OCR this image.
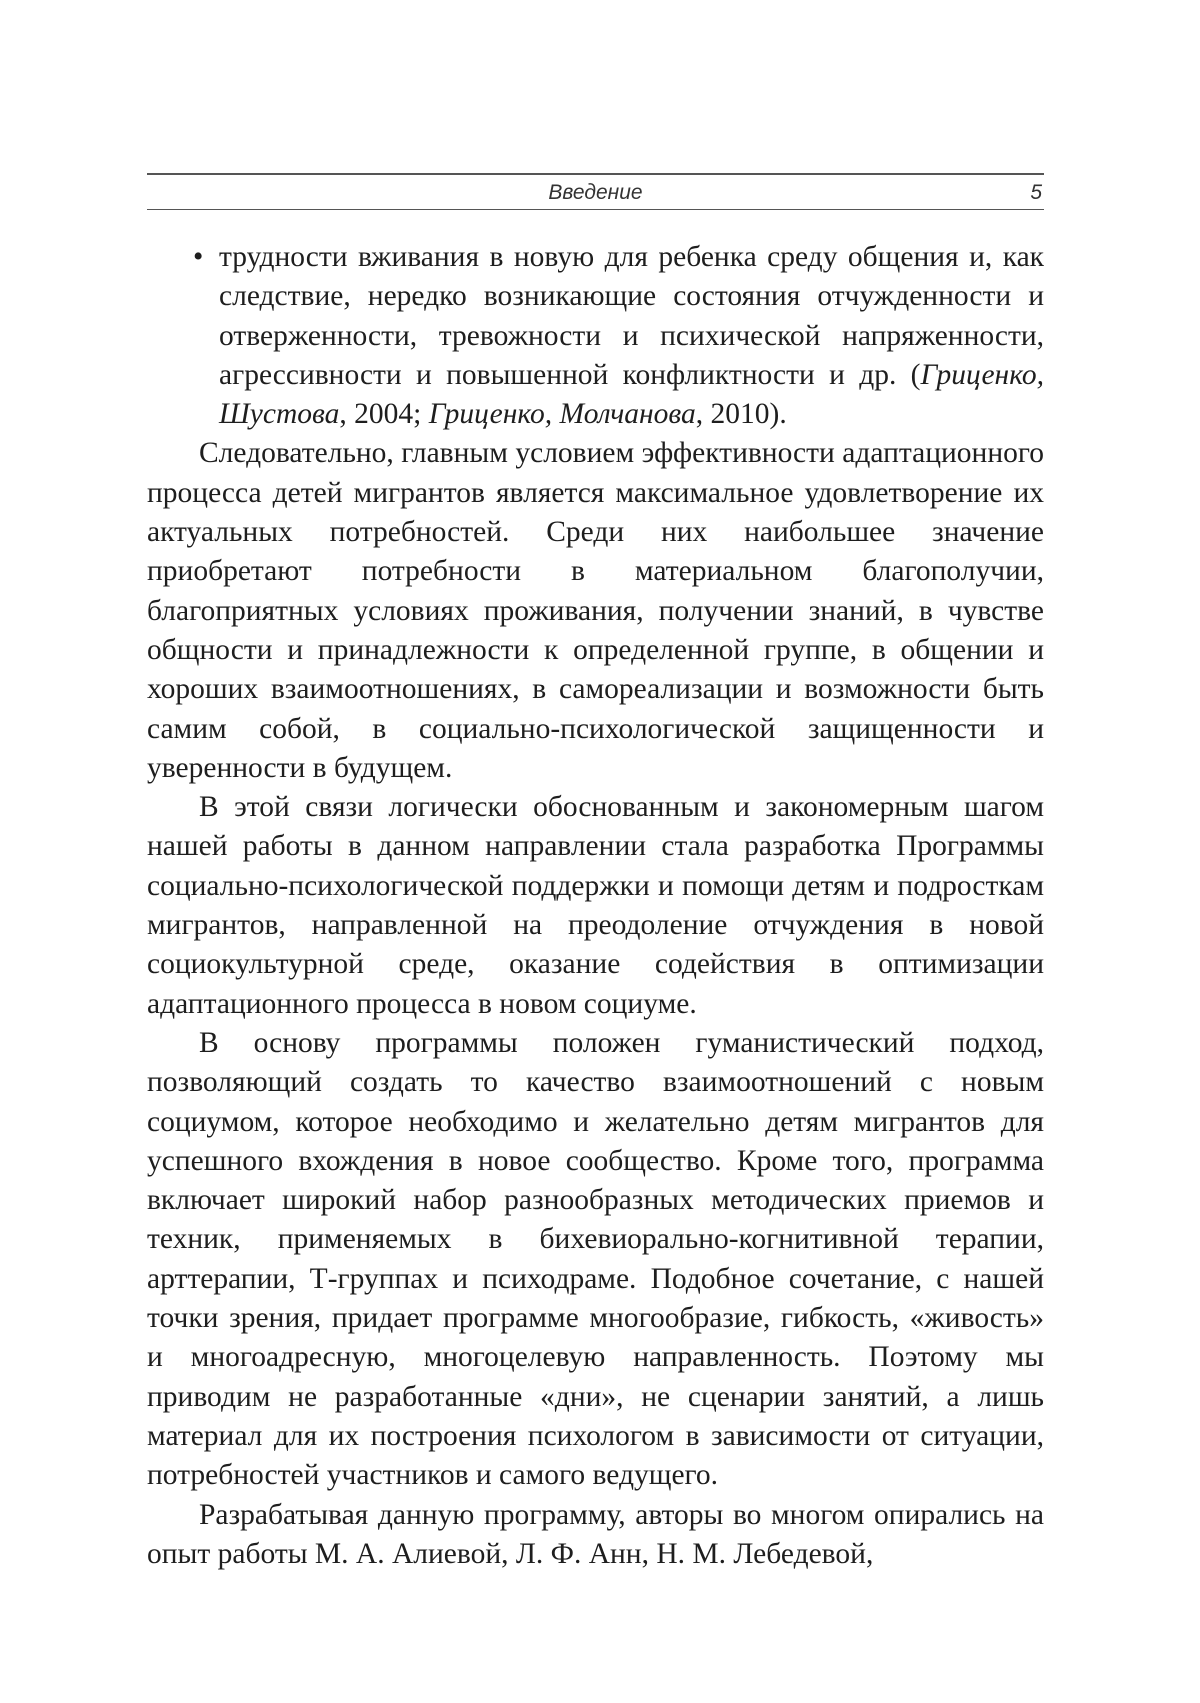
Введение	5
• трудности вживания в новую для ребенка среду общения и, как следствие, нередко возникающие состояния отчужденности и отверженности, тревожности и психической напряженности, агрессивности и повышенной конфликтности и др. (Гриценко, Шустова, 2004; Гриценко, Молчанова, 2010).

Следовательно, главным условием эффективности адаптационного процесса детей мигрантов является максимальное удовлетворение их актуальных потребностей. Среди них наибольшее значение приобретают потребности в материальном благополучии, благоприятных условиях проживания, получении знаний, в чувстве общности и принадлежности к определенной группе, в общении и хороших взаимоотношениях, в самореализации и возможности быть самим собой, в социально-психологической защищенности и уверенности в будущем.

В этой связи логически обоснованным и закономерным шагом нашей работы в данном направлении стала разработка Программы социально-психологической поддержки и помощи детям и подросткам мигрантов, направленной на преодоление отчуждения в новой социокультурной среде, оказание содействия в оптимизации адаптационного процесса в новом социуме.

В основу программы положен гуманистический подход, позволяющий создать то качество взаимоотношений с новым социумом, которое необходимо и желательно детям мигрантов для успешного вхождения в новое сообщество. Кроме того, программа включает широкий набор разнообразных методических приемов и техник, применяемых в бихевиорально-когнитивной терапии, арттерапии, Т-группах и психодраме. Подобное сочетание, с нашей точки зрения, придает программе многообразие, гибкость, «живость» и многоадресную, многоцелевую направленность. Поэтому мы приводим не разработанные «дни», не сценарии занятий, а лишь материал для их построения психологом в зависимости от ситуации, потребностей участников и самого ведущего.

Разрабатывая данную программу, авторы во многом опирались на опыт работы М. А. Алиевой, Л. Ф. Анн, Н. М. Лебедевой,
